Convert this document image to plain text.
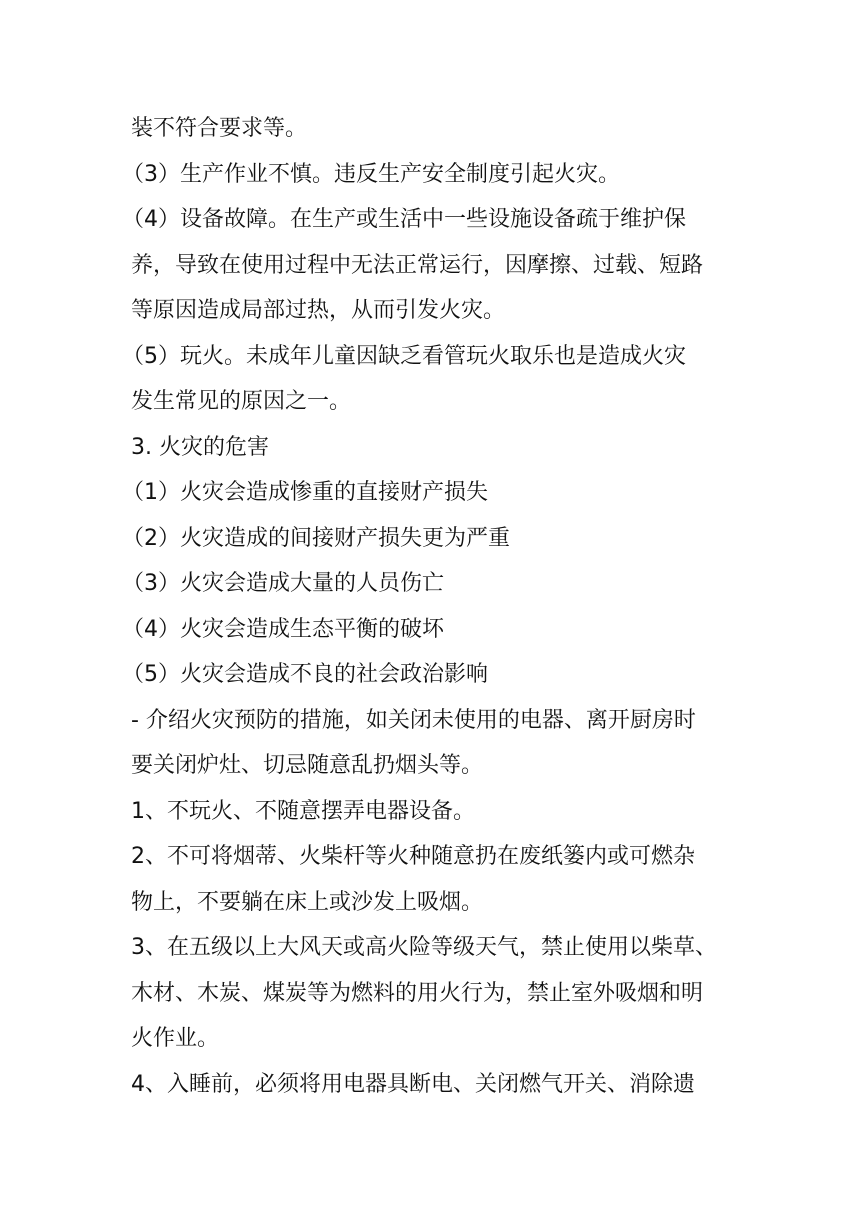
装不符合要求等。
（3）生产作业不慎。违反生产安全制度引起火灾。
（4）设备故障。在生产或生活中一些设施设备疏于维护保
养，导致在使用过程中无法正常运行，因摩擦、过载、短路
等原因造成局部过热，从而引发火灾。
（5）玩火。未成年儿童因缺乏看管玩火取乐也是造成火灾
发生常见的原因之一。
3. 火灾的危害
（1）火灾会造成惨重的直接财产损失
（2）火灾造成的间接财产损失更为严重
（3）火灾会造成大量的人员伤亡
（4）火灾会造成生态平衡的破坏
（5）火灾会造成不良的社会政治影响
- 介绍火灾预防的措施，如关闭未使用的电器、离开厨房时
要关闭炉灶、切忌随意乱扔烟头等。
1、不玩火、不随意摆弄电器设备。
2、不可将烟蒂、火柴杆等火种随意扔在废纸篓内或可燃杂
物上，不要躺在床上或沙发上吸烟。
3、在五级以上大风天或高火险等级天气，禁止使用以柴草、
木材、木炭、煤炭等为燃料的用火行为，禁止室外吸烟和明
火作业。
4、入睡前，必须将用电器具断电、关闭燃气开关、消除遗
